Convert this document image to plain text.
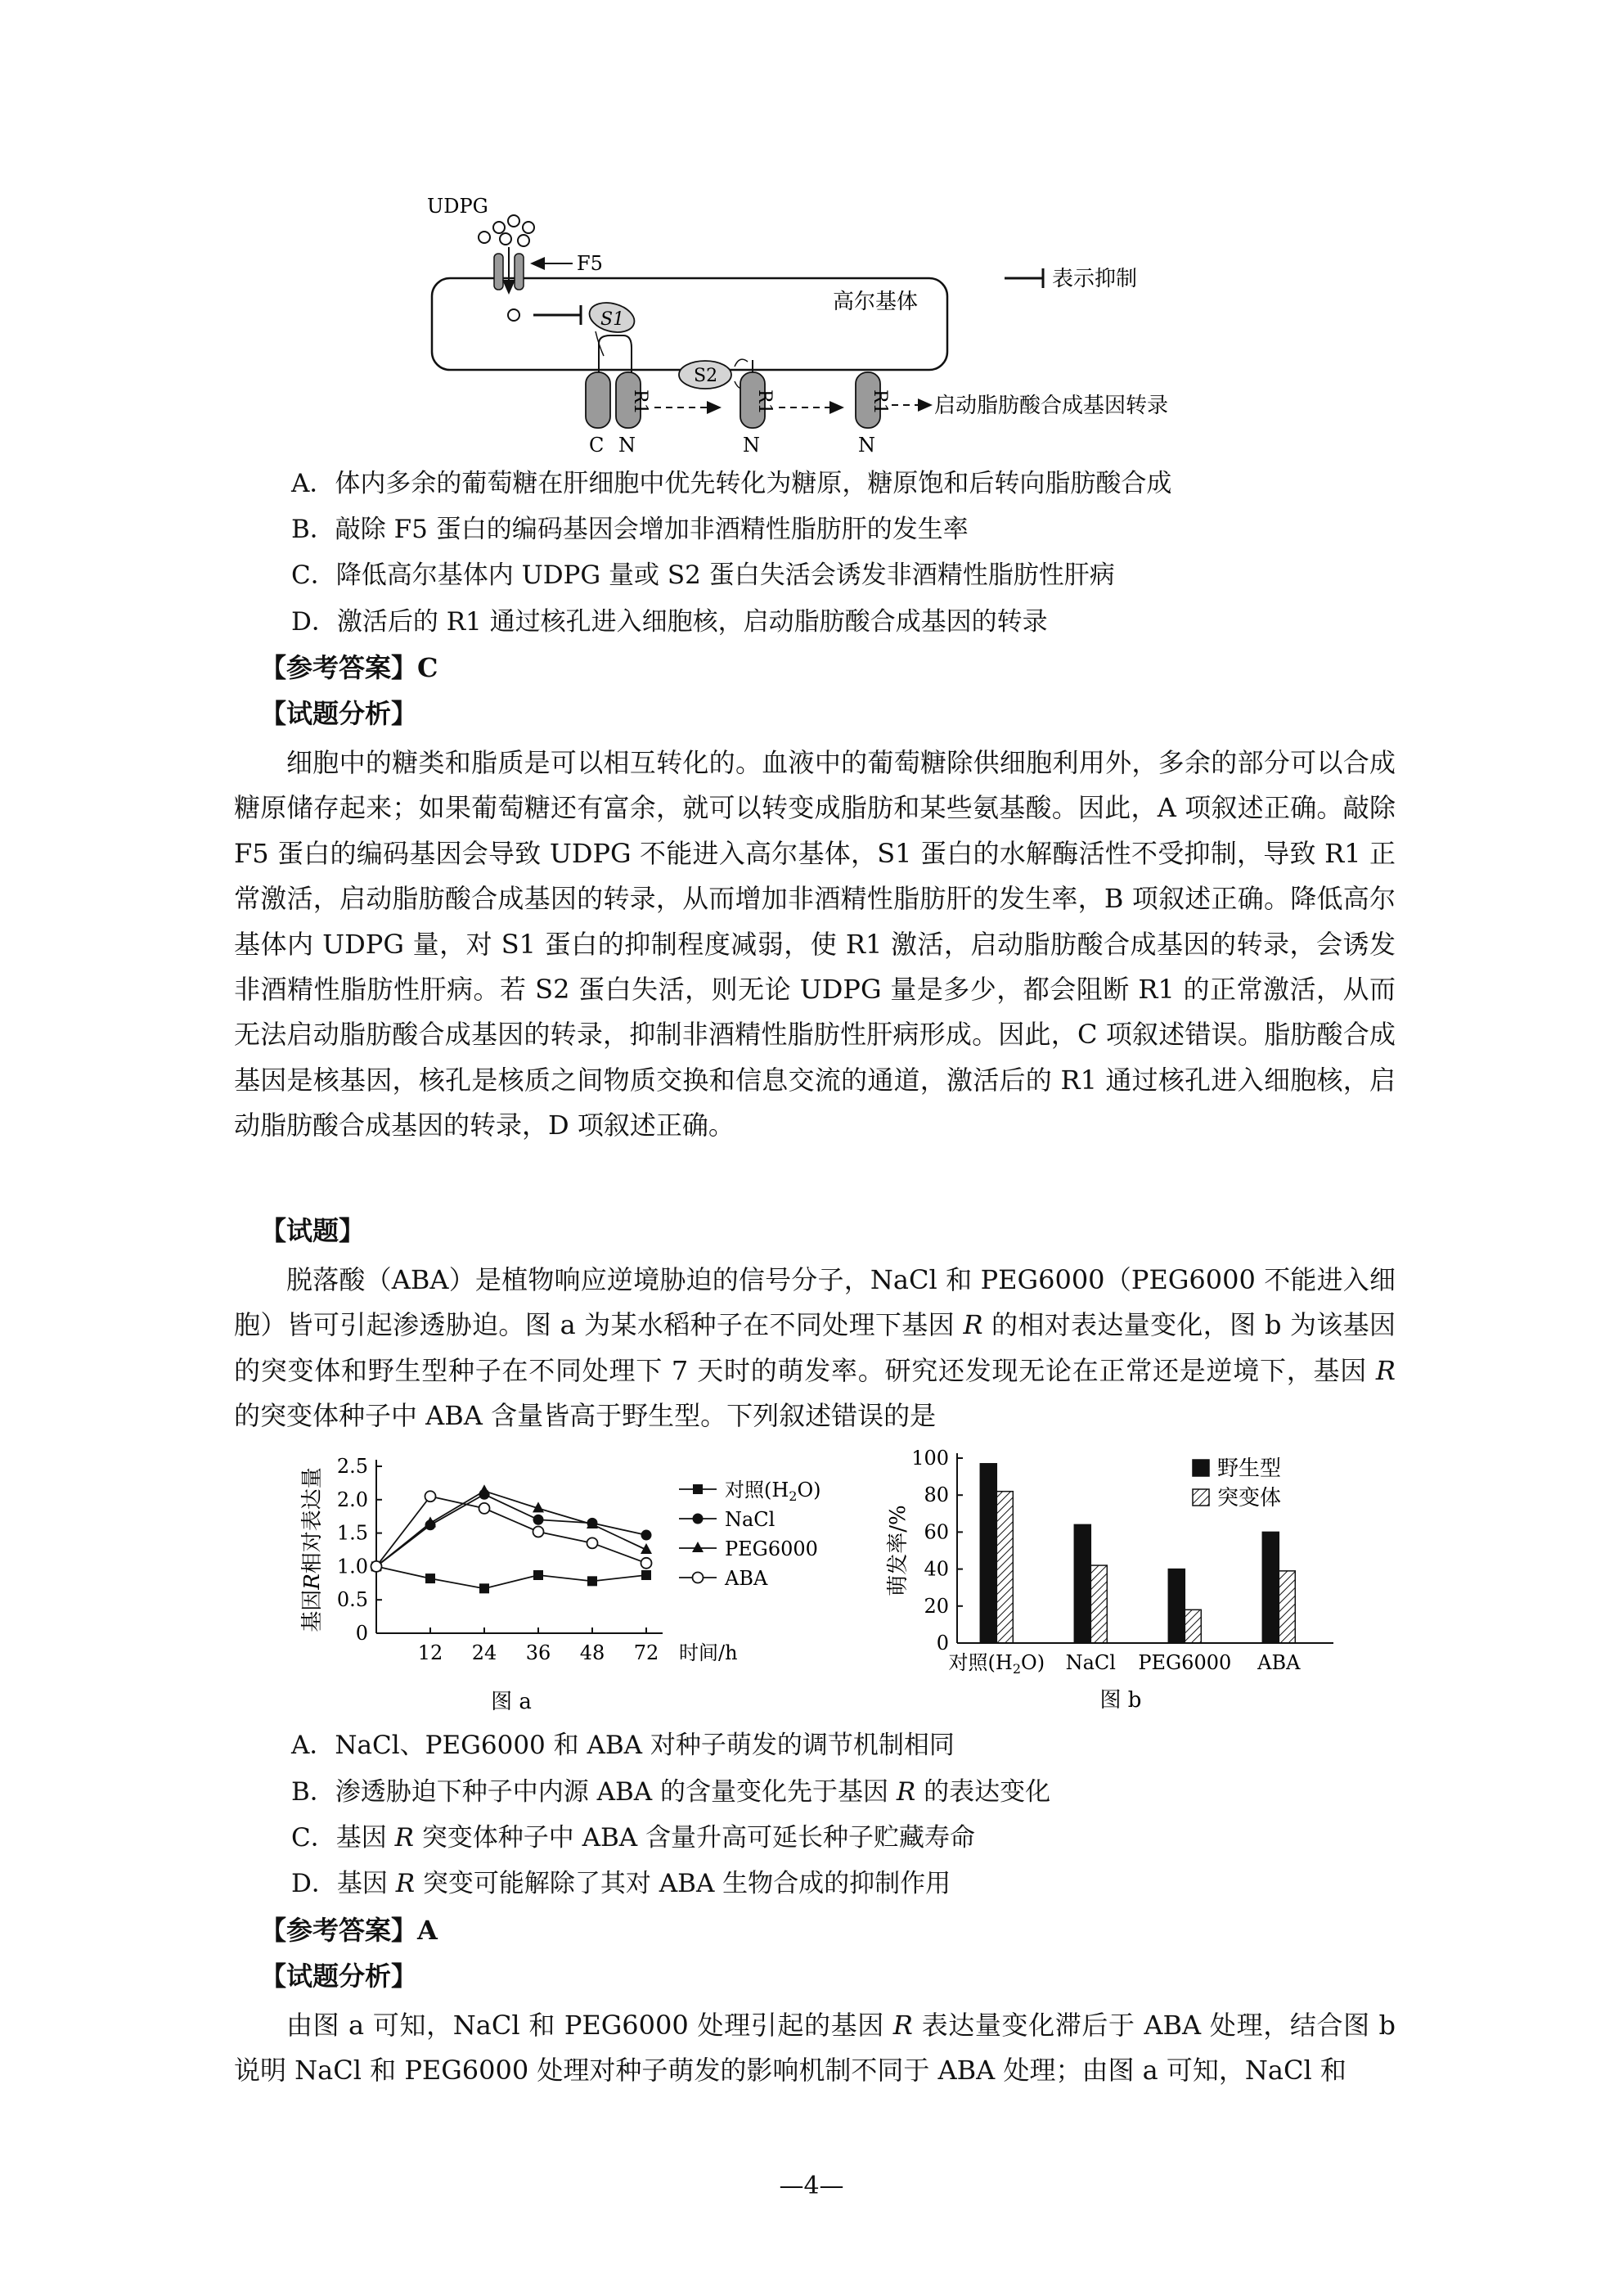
UDPG
F5
表示抑制
高尔基体
S1
S2
R1
C N
R1
N
R1
N
启动脂肪酸合成基因转录
A．体内多余的葡萄糖在肝细胞中优先转化为糖原，糖原饱和后转向脂肪酸合成
B．敲除 F5 蛋白的编码基因会增加非酒精性脂肪肝的发生率
C．降低高尔基体内 UDPG 量或 S2 蛋白失活会诱发非酒精性脂肪性肝病
D．激活后的 R1 通过核孔进入细胞核，启动脂肪酸合成基因的转录
【参考答案】C
【试题分析】
细胞中的糖类和脂质是可以相互转化的。血液中的葡萄糖除供细胞利用外，多余的部分可以合成糖原储存起来；如果葡萄糖还有富余，就可以转变成脂肪和某些氨基酸。因此，A 项叙述正确。敲除 F5 蛋白的编码基因会导致 UDPG 不能进入高尔基体，S1 蛋白的水解酶活性不受抑制，导致 R1 正常激活，启动脂肪酸合成基因的转录，从而增加非酒精性脂肪肝的发生率，B 项叙述正确。降低高尔基体内 UDPG 量，对 S1 蛋白的抑制程度减弱，使 R1 激活，启动脂肪酸合成基因的转录，会诱发非酒精性脂肪性肝病。若 S2 蛋白失活，则无论 UDPG 量是多少，都会阻断 R1 的正常激活，从而无法启动脂肪酸合成基因的转录，抑制非酒精性脂肪性肝病形成。因此，C 项叙述错误。脂肪酸合成基因是核基因，核孔是核质之间物质交换和信息交流的通道，激活后的 R1 通过核孔进入细胞核，启动脂肪酸合成基因的转录，D 项叙述正确。
【试题】
脱落酸（ABA）是植物响应逆境胁迫的信号分子，NaCl 和 PEG6000（PEG6000 不能进入细胞）皆可引起渗透胁迫。图 a 为某水稻种子在不同处理下基因 R 的相对表达量变化，图 b 为该基因的突变体和野生型种子在不同处理下 7 天时的萌发率。研究还发现无论在正常还是逆境下，基因 R 的突变体种子中 ABA 含量皆高于野生型。下列叙述错误的是
0
0.5
1.0
1.5
2.0
2.5
12 24 36 48 72 时间/h
基因R相对表达量
图 a
对照$(H_2O)$
NaCl
PEG6000
ABA
0
20
40
60
80
100
萌发率/%
对照$(H_2O)$ NaCl PEG6000 ABA
野生型
突变体
图 b
A．NaCl、PEG6000 和 ABA 对种子萌发的调节机制相同
B．渗透胁迫下种子中内源 ABA 的含量变化先于基因 R 的表达变化
C．基因 R 突变体种子中 ABA 含量升高可延长种子贮藏寿命
D．基因 R 突变可能解除了其对 ABA 生物合成的抑制作用
【参考答案】A
【试题分析】
由图 a 可知，NaCl 和 PEG6000 处理引起的基因 R 表达量变化滞后于 ABA 处理，结合图 b 说明 NaCl 和 PEG6000 处理对种子萌发的影响机制不同于 ABA 处理；由图 a 可知，NaCl 和
—4—
